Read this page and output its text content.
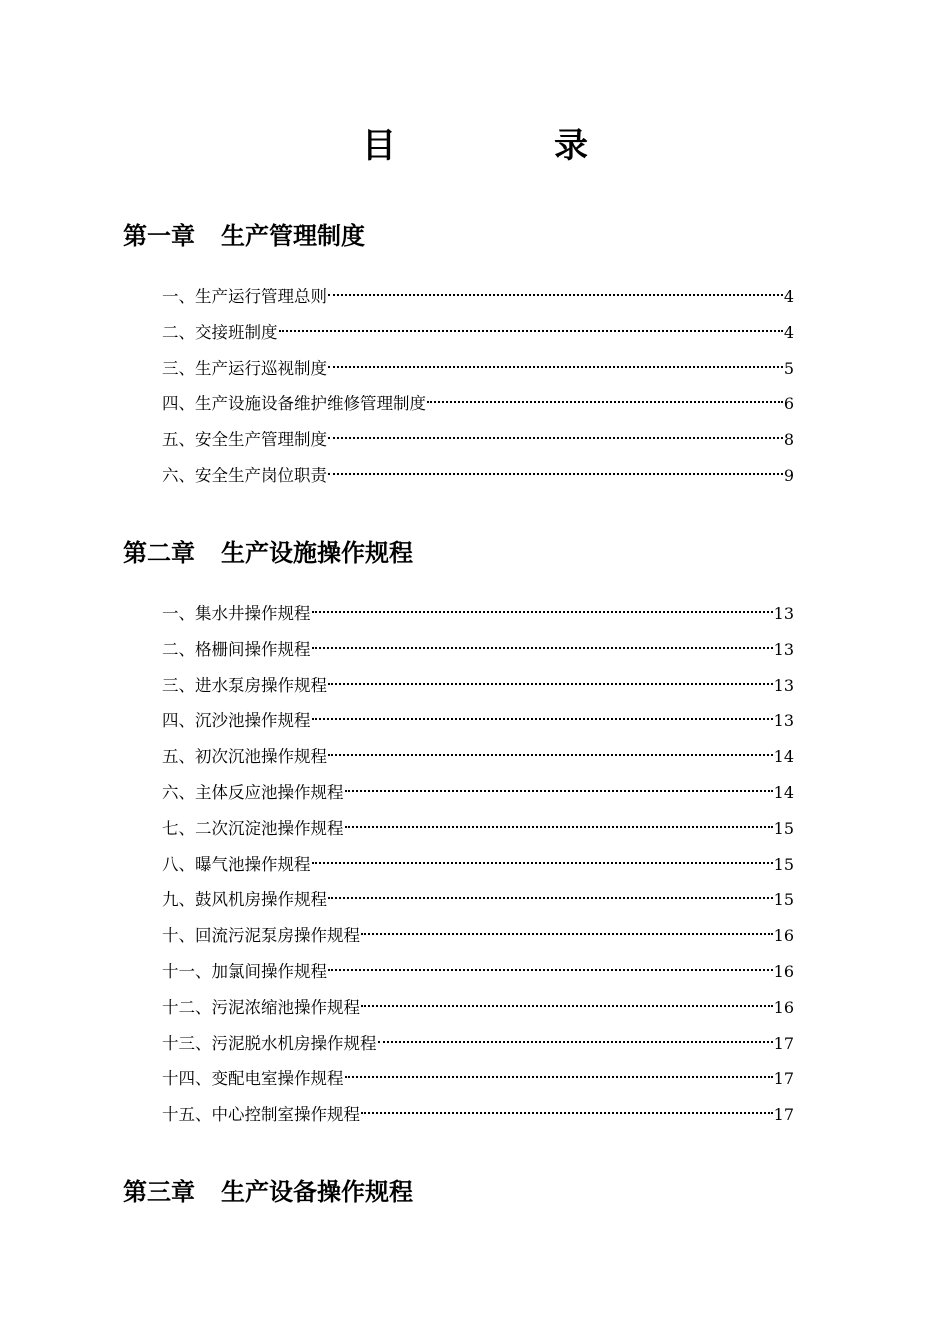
目　录
第一章 生产管理制度
一、生产运行管理总则	4
二、交接班制度	4
三、生产运行巡视制度	5
四、生产设施设备维护维修管理制度	6
五、安全生产管理制度	8
六、安全生产岗位职责	9
第二章 生产设施操作规程
一、集水井操作规程	13
二、格栅间操作规程	13
三、进水泵房操作规程	13
四、沉沙池操作规程	13
五、初次沉池操作规程	14
六、主体反应池操作规程	14
七、二次沉淀池操作规程	15
八、曝气池操作规程	15
九、鼓风机房操作规程	15
十、回流污泥泵房操作规程	16
十一、加氯间操作规程	16
十二、污泥浓缩池操作规程	16
十三、污泥脱水机房操作规程	17
十四、变配电室操作规程	17
十五、中心控制室操作规程	17
第三章 生产设备操作规程
